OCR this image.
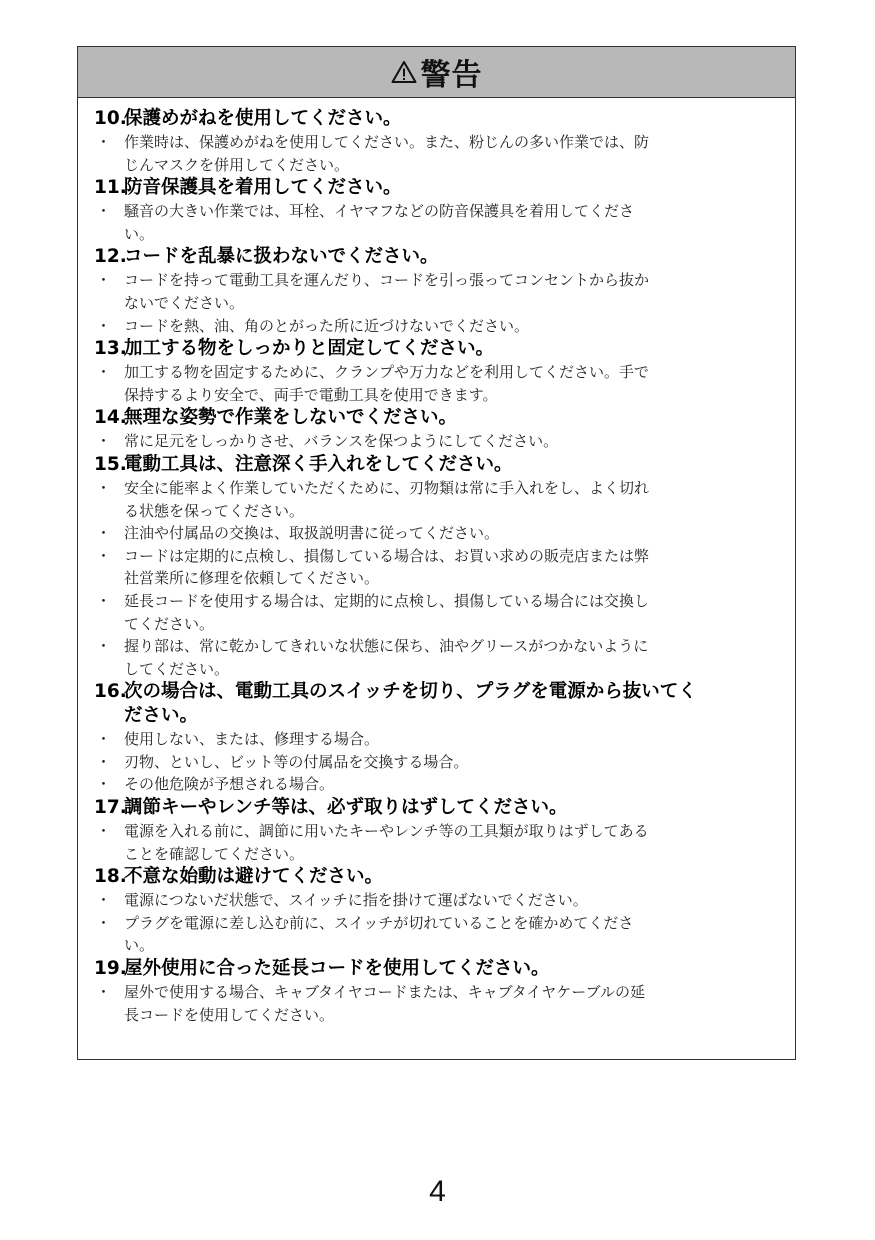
警告
10.
保護めがねを使用してください。
・ 作業時は、保護めがねを使用してください。また、粉じんの多い作業では、防
じんマスクを併用してください。
11.
防音保護具を着用してください。
・ 騒音の大きい作業では、耳栓、イヤマフなどの防音保護具を着用してくださ
い。
12.
コードを乱暴に扱わないでください。
・ コードを持って電動工具を運んだり、コードを引っ張ってコンセントから抜か
ないでください。
・ コードを熱、油、角のとがった所に近づけないでください。
13.
加工する物をしっかりと固定してください。
・ 加工する物を固定するために、クランプや万力などを利用してください。手で
保持するより安全で、両手で電動工具を使用できます。
14.
無理な姿勢で作業をしないでください。
・ 常に足元をしっかりさせ、バランスを保つようにしてください。
15.
電動工具は、注意深く手入れをしてください。
・ 安全に能率よく作業していただくために、刃物類は常に手入れをし、よく切れ
る状態を保ってください。
・ 注油や付属品の交換は、取扱説明書に従ってください。
・ コードは定期的に点検し、損傷している場合は、お買い求めの販売店または弊
社営業所に修理を依頼してください。
・ 延長コードを使用する場合は、定期的に点検し、損傷している場合には交換し
てください。
・ 握り部は、常に乾かしてきれいな状態に保ち、油やグリースがつかないように
してください。
16.
次の場合は、電動工具のスイッチを切り、プラグを電源から抜いてく
ださい。
・ 使用しない、または、修理する場合。
・ 刃物、といし、ビット等の付属品を交換する場合。
・ その他危険が予想される場合。
17.
調節キーやレンチ等は、必ず取りはずしてください。
・ 電源を入れる前に、調節に用いたキーやレンチ等の工具類が取りはずしてある
ことを確認してください。
18.
不意な始動は避けてください。
・ 電源につないだ状態で、スイッチに指を掛けて運ばないでください。
・ プラグを電源に差し込む前に、スイッチが切れていることを確かめてくださ
い。
19.
屋外使用に合った延長コードを使用してください。
・ 屋外で使用する場合、キャブタイヤコードまたは、キャブタイヤケーブルの延
長コードを使用してください。
4
